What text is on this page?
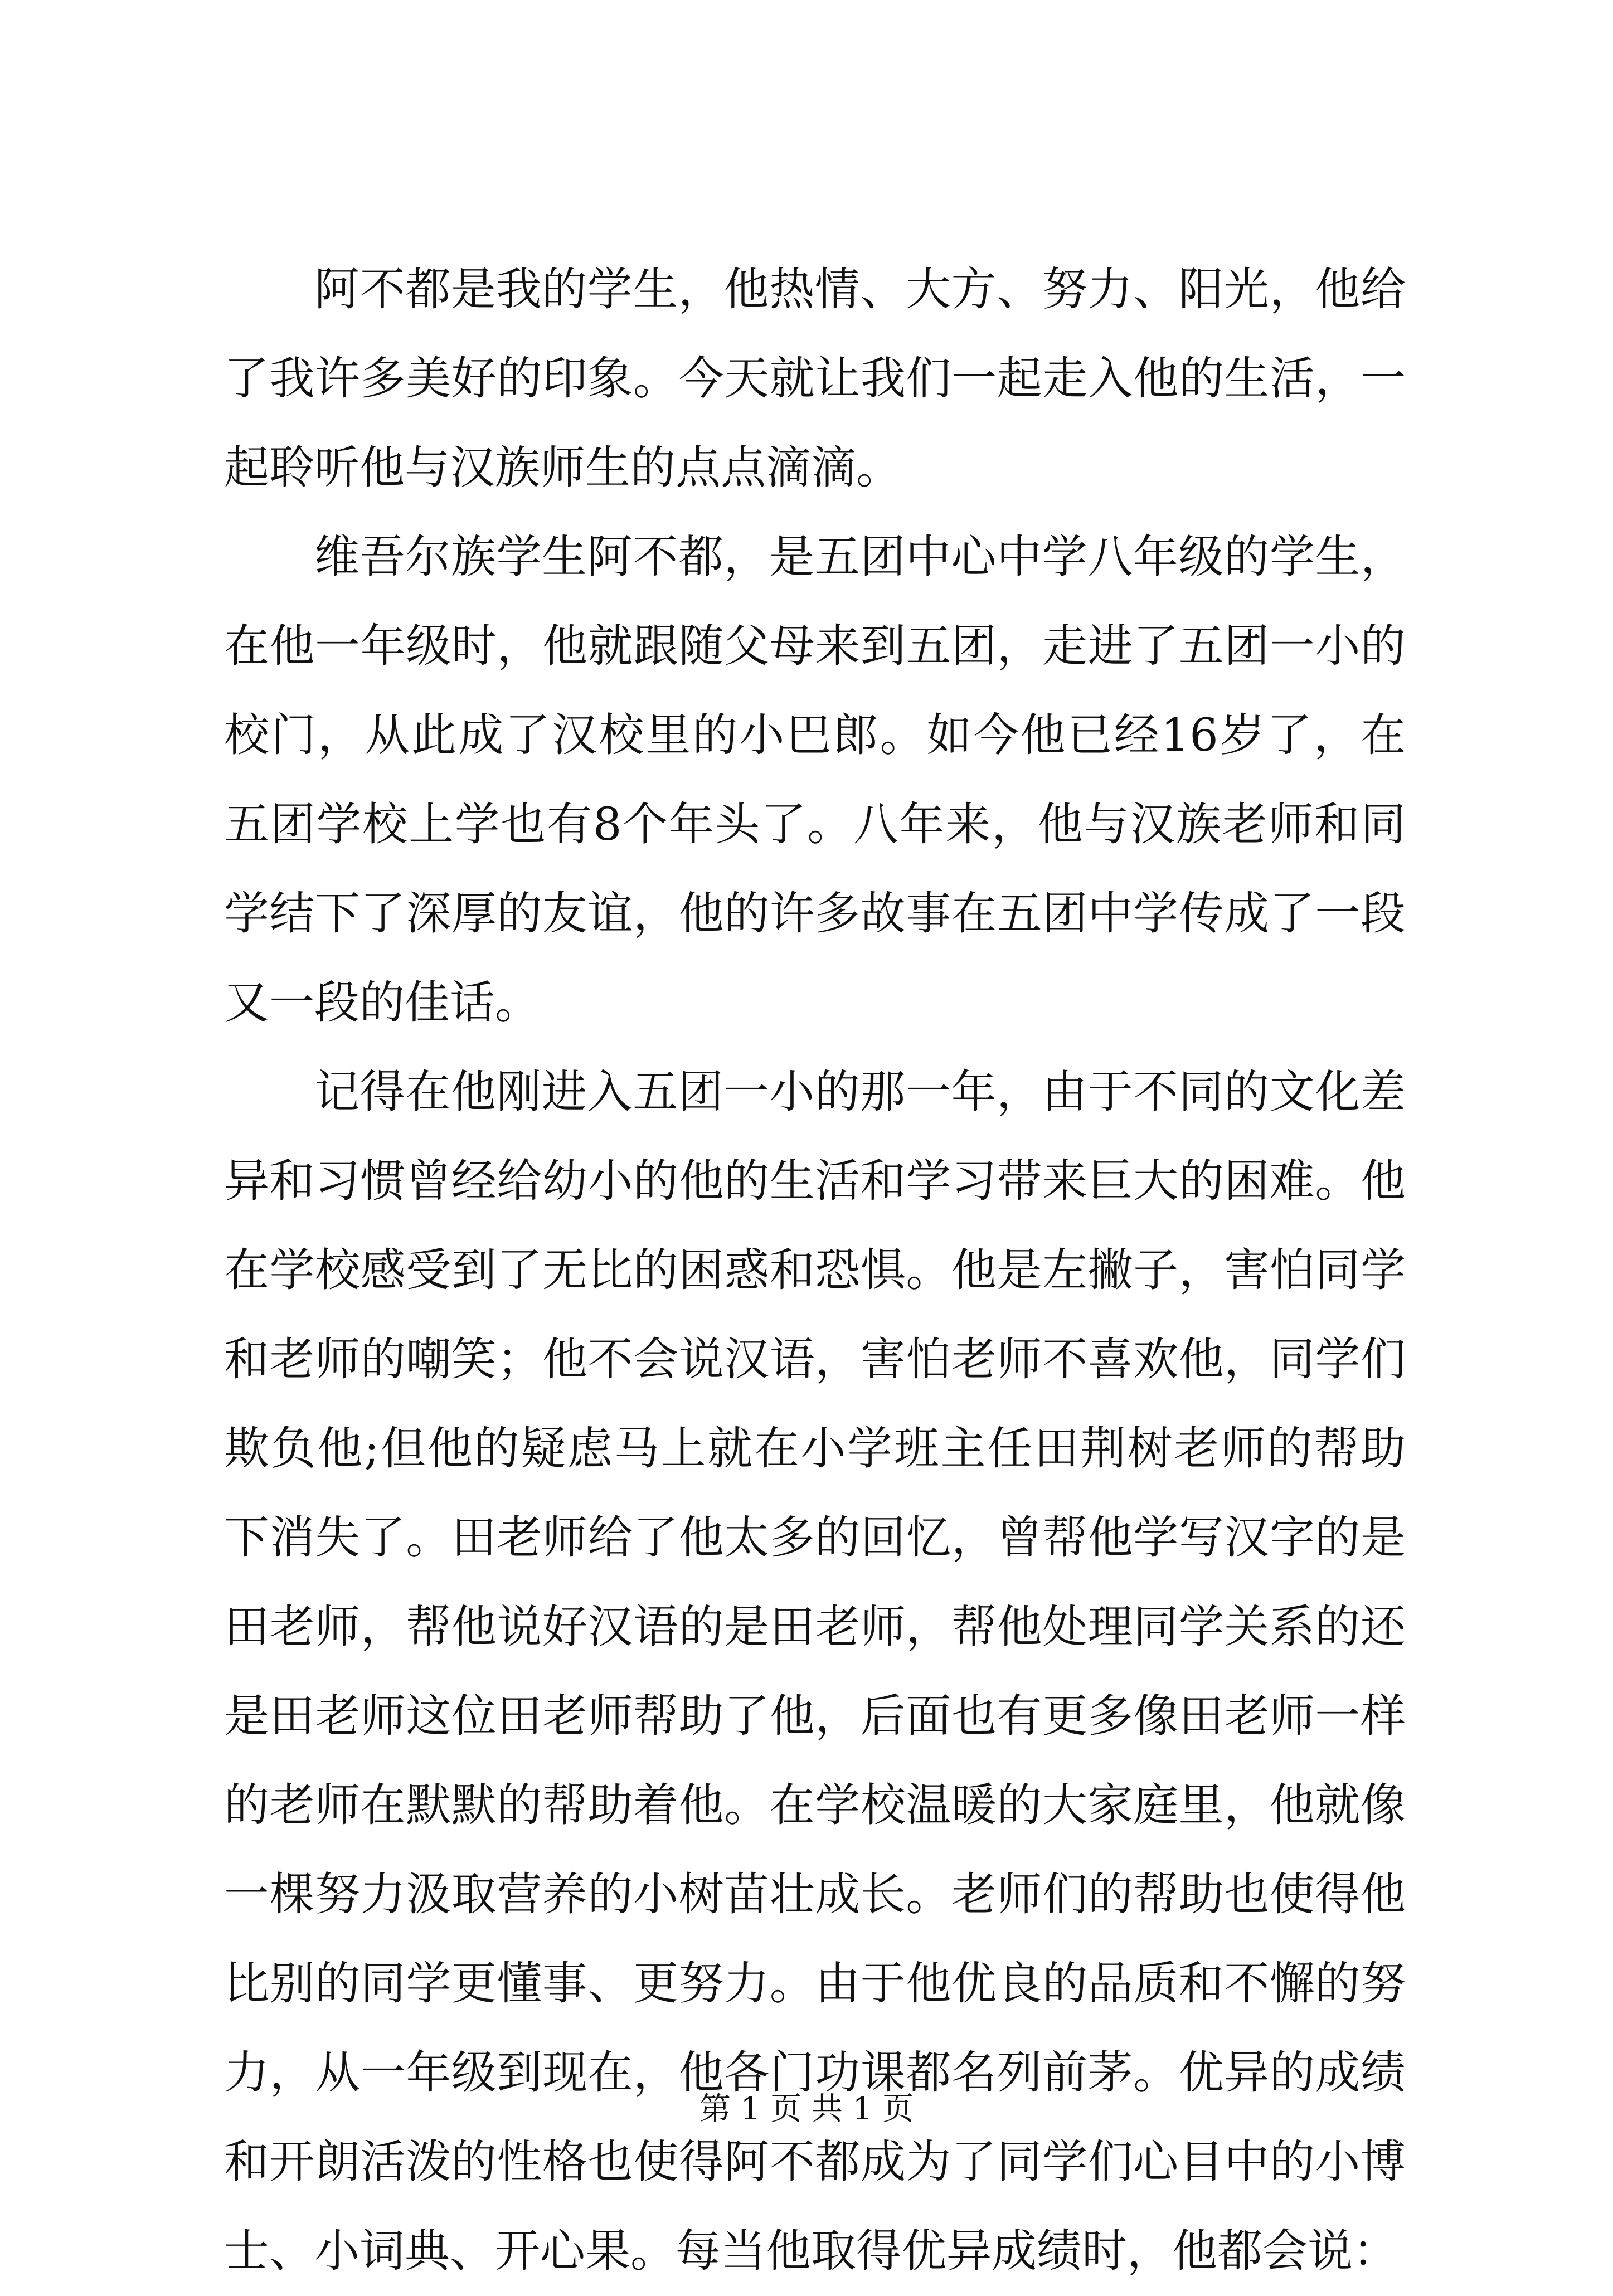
阿不都是我的学生，他热情、大方、努力、阳光，他给了我许多美好的印象。今天就让我们一起走入他的生活，一起聆听他与汉族师生的点点滴滴。

维吾尔族学生阿不都，是五团中心中学八年级的学生，在他一年级时，他就跟随父母来到五团，走进了五团一小的校门，从此成了汉校里的小巴郎。如今他已经16岁了，在五团学校上学也有8个年头了。八年来，他与汉族老师和同学结下了深厚的友谊，他的许多故事在五团中学传成了一段又一段的佳话。

记得在他刚进入五团一小的那一年，由于不同的文化差异和习惯曾经给幼小的他的生活和学习带来巨大的困难。他在学校感受到了无比的困惑和恐惧。他是左撇子，害怕同学和老师的嘲笑；他不会说汉语，害怕老师不喜欢他，同学们欺负他;但他的疑虑马上就在小学班主任田荆树老师的帮助下消失了。田老师给了他太多的回忆，曾帮他学写汉字的是田老师，帮他说好汉语的是田老师，帮他处理同学关系的还是田老师这位田老师帮助了他，后面也有更多像田老师一样的老师在默默的帮助着他。在学校温暖的大家庭里，他就像一棵努力汲取营养的小树苗壮成长。老师们的帮助也使得他比别的同学更懂事、更努力。由于他优良的品质和不懈的努力，从一年级到现在，他各门功课都名列前茅。优异的成绩和开朗活泼的性格也使得阿不都成为了同学们心目中的小博士、小词典、开心果。每当他取得优异成绩时，他都会说：

第 1 页 共 1 页
